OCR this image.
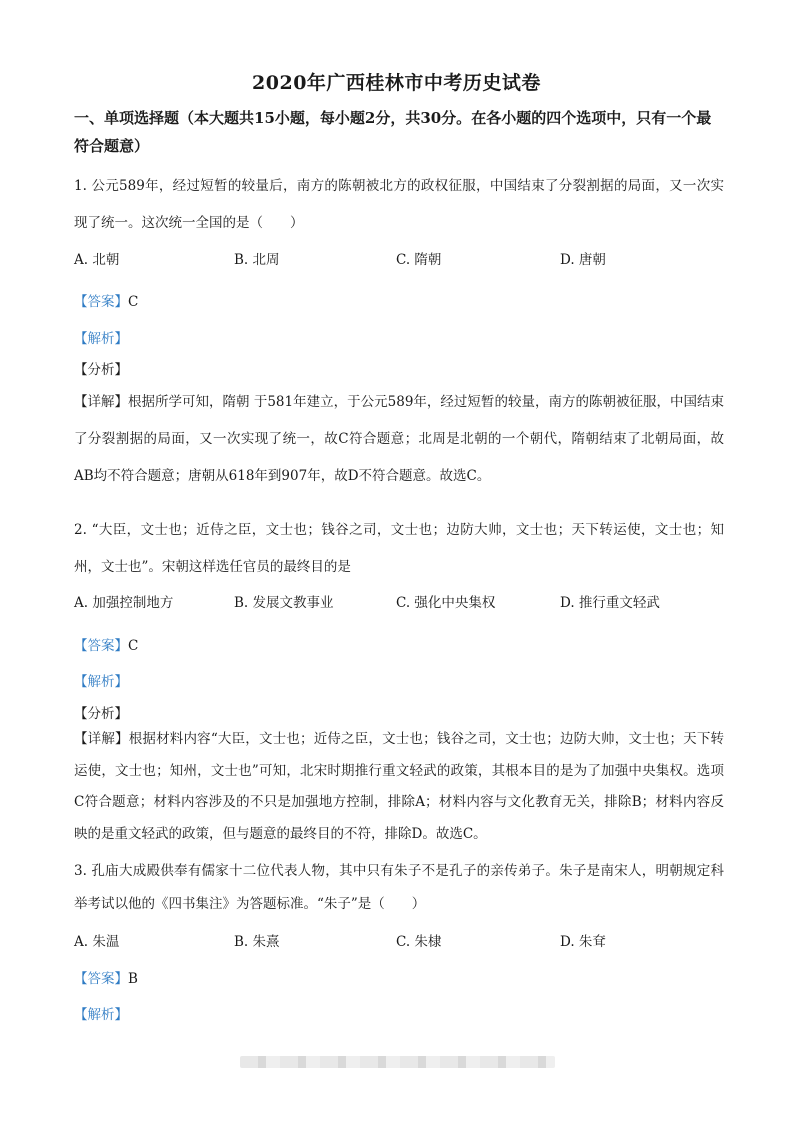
2020年广西桂林市中考历史试卷
一、单项选择题（本大题共15小题，每小题2分，共30分。在各小题的四个选项中，只有一个最符合题意）
1. 公元589年，经过短暂的较量后，南方的陈朝被北方的政权征服，中国结束了分裂割据的局面，又一次实现了统一。这次统一全国的是（　　）
A. 北朝	B. 北周	C. 隋朝	D. 唐朝
【答案】C
【解析】
【分析】
【详解】根据所学可知，隋朝 于581年建立，于公元589年，经过短暂的较量，南方的陈朝被征服，中国结束了分裂割据的局面，又一次实现了统一，故C符合题意；北周是北朝的一个朝代，隋朝结束了北朝局面，故AB均不符合题意；唐朝从618年到907年，故D不符合题意。故选C。
2. “大臣，文士也；近侍之臣，文士也；钱谷之司，文士也；边防大帅，文士也；天下转运使，文士也；知州，文士也”。宋朝这样选任官员的最终目的是
A. 加强控制地方	B. 发展文教事业	C. 强化中央集权	D. 推行重文轻武
【答案】C
【解析】
【分析】
【详解】根据材料内容“大臣，文士也；近侍之臣，文士也；钱谷之司，文士也；边防大帅，文士也；天下转运使，文士也；知州，文士也”可知，北宋时期推行重文轻武的政策，其根本目的是为了加强中央集权。选项C符合题意；材料内容涉及的不只是加强地方控制，排除A；材料内容与文化教育无关，排除B；材料内容反映的是重文轻武的政策，但与题意的最终目的不符，排除D。故选C。
3. 孔庙大成殿供奉有儒家十二位代表人物，其中只有朱子不是孔子的亲传弟子。朱子是南宋人，明朝规定科举考试以他的《四书集注》为答题标准。“朱子”是（　　）
A. 朱温	B. 朱熹	C. 朱棣	D. 朱耷
【答案】B
【解析】
